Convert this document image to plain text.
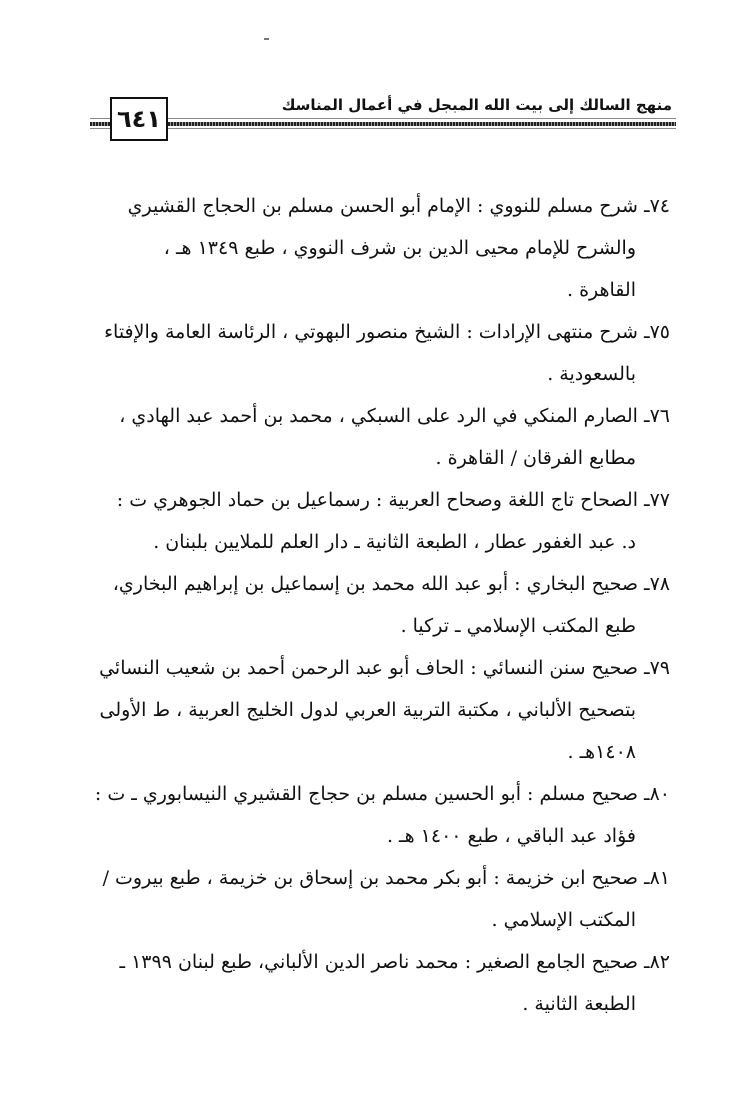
منهج السالك إلى بيت الله المبجل في أعمال المناسك
٦٤١
٧٤ـ شرح مسلم للنووي : الإمام أبو الحسن مسلم بن الحجاج القشيري
والشرح للإمام محيى الدين بن شرف النووي ، طبع ١٣٤٩ هـ ،
القاهرة .
٧٥ـ شرح منتهى الإرادات : الشيخ منصور البهوتي ، الرئاسة العامة والإفتاء
بالسعودية .
٧٦ـ الصارم المنكي في الرد على السبكي ، محمد بن أحمد عبد الهادي ،
مطابع الفرقان / القاهرة .
٧٧ـ الصحاح تاج اللغة وصحاح العربية : رسماعيل بن حماد الجوهري ت :
د. عبد الغفور عطار ، الطبعة الثانية ـ دار العلم للملايين بلبنان .
٧٨ـ صحيح البخاري : أبو عبد الله محمد بن إسماعيل بن إبراهيم البخاري،
طبع المكتب الإسلامي ـ تركيا .
٧٩ـ صحيح سنن النسائي : الحاف أبو عبد الرحمن أحمد بن شعيب النسائي
بتصحيح الألباني ، مكتبة التربية العربي لدول الخليج العربية ، ط الأولى
١٤٠٨هـ .
٨٠ـ صحيح مسلم : أبو الحسين مسلم بن حجاج القشيري النيسابوري ـ ت :
فؤاد عبد الباقي ، طبع ١٤٠٠ هـ .
٨١ـ صحيح ابن خزيمة : أبو بكر محمد بن إسحاق بن خزيمة ، طبع بيروت /
المكتب الإسلامي .
٨٢ـ صحيح الجامع الصغير : محمد ناصر الدين الألباني، طبع لبنان ١٣٩٩ ـ
الطبعة الثانية .
